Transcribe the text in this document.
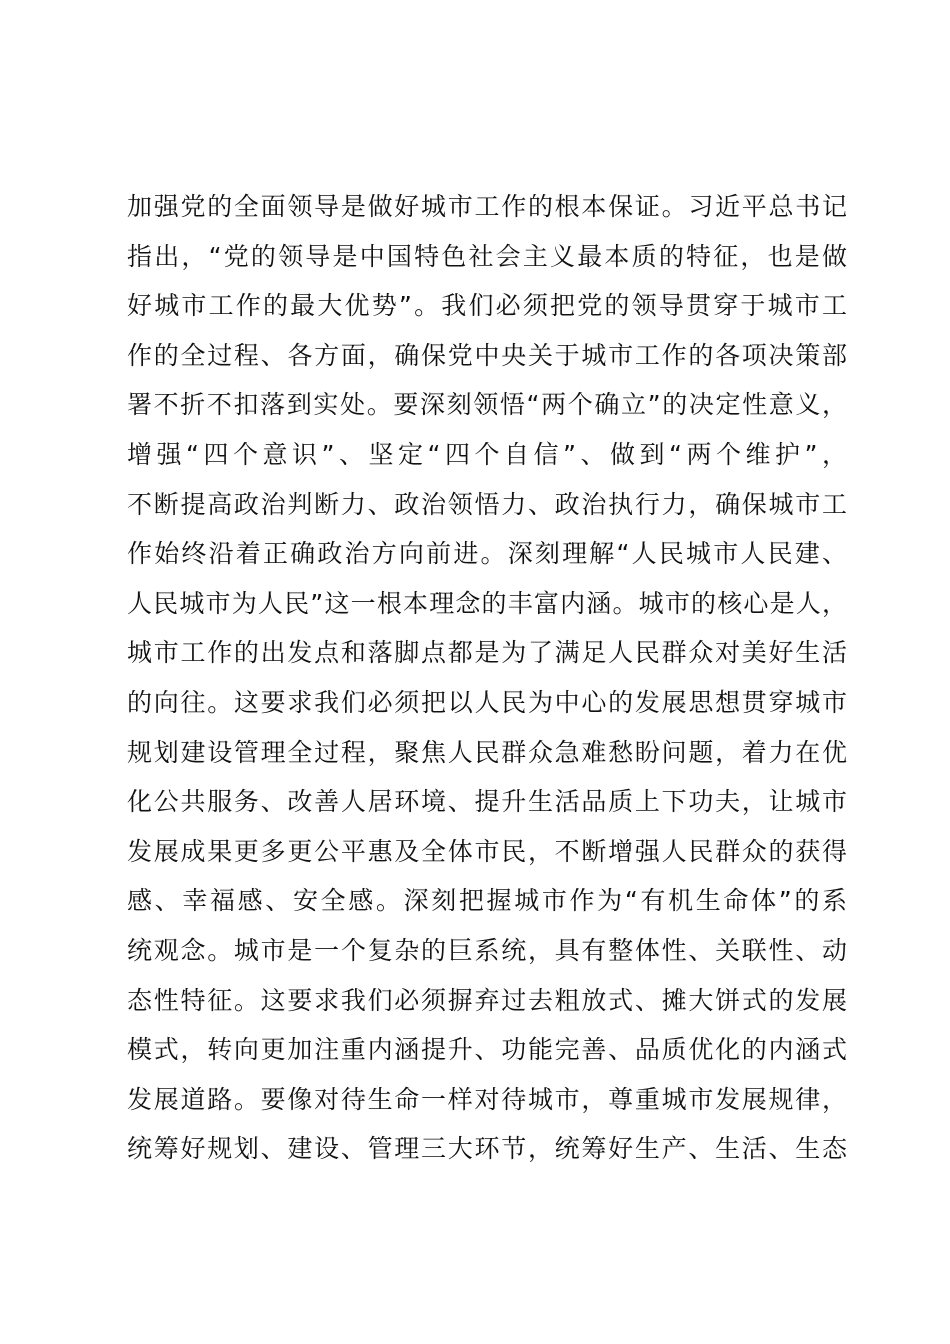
加强党的全面领导是做好城市工作的根本保证。习近平总书记
指出，“党的领导是中国特色社会主义最本质的特征，也是做
好城市工作的最大优势”。我们必须把党的领导贯穿于城市工
作的全过程、各方面，确保党中央关于城市工作的各项决策部
署不折不扣落到实处。要深刻领悟“两个确立”的决定性意义，
增强“四个意识”、坚定“四个自信”、做到“两个维护”，
不断提高政治判断力、政治领悟力、政治执行力，确保城市工
作始终沿着正确政治方向前进。深刻理解“人民城市人民建、
人民城市为人民”这一根本理念的丰富内涵。城市的核心是人，
城市工作的出发点和落脚点都是为了满足人民群众对美好生活
的向往。这要求我们必须把以人民为中心的发展思想贯穿城市
规划建设管理全过程，聚焦人民群众急难愁盼问题，着力在优
化公共服务、改善人居环境、提升生活品质上下功夫，让城市
发展成果更多更公平惠及全体市民，不断增强人民群众的获得
感、幸福感、安全感。深刻把握城市作为“有机生命体”的系
统观念。城市是一个复杂的巨系统，具有整体性、关联性、动
态性特征。这要求我们必须摒弃过去粗放式、摊大饼式的发展
模式，转向更加注重内涵提升、功能完善、品质优化的内涵式
发展道路。要像对待生命一样对待城市，尊重城市发展规律，
统筹好规划、建设、管理三大环节，统筹好生产、生活、生态
